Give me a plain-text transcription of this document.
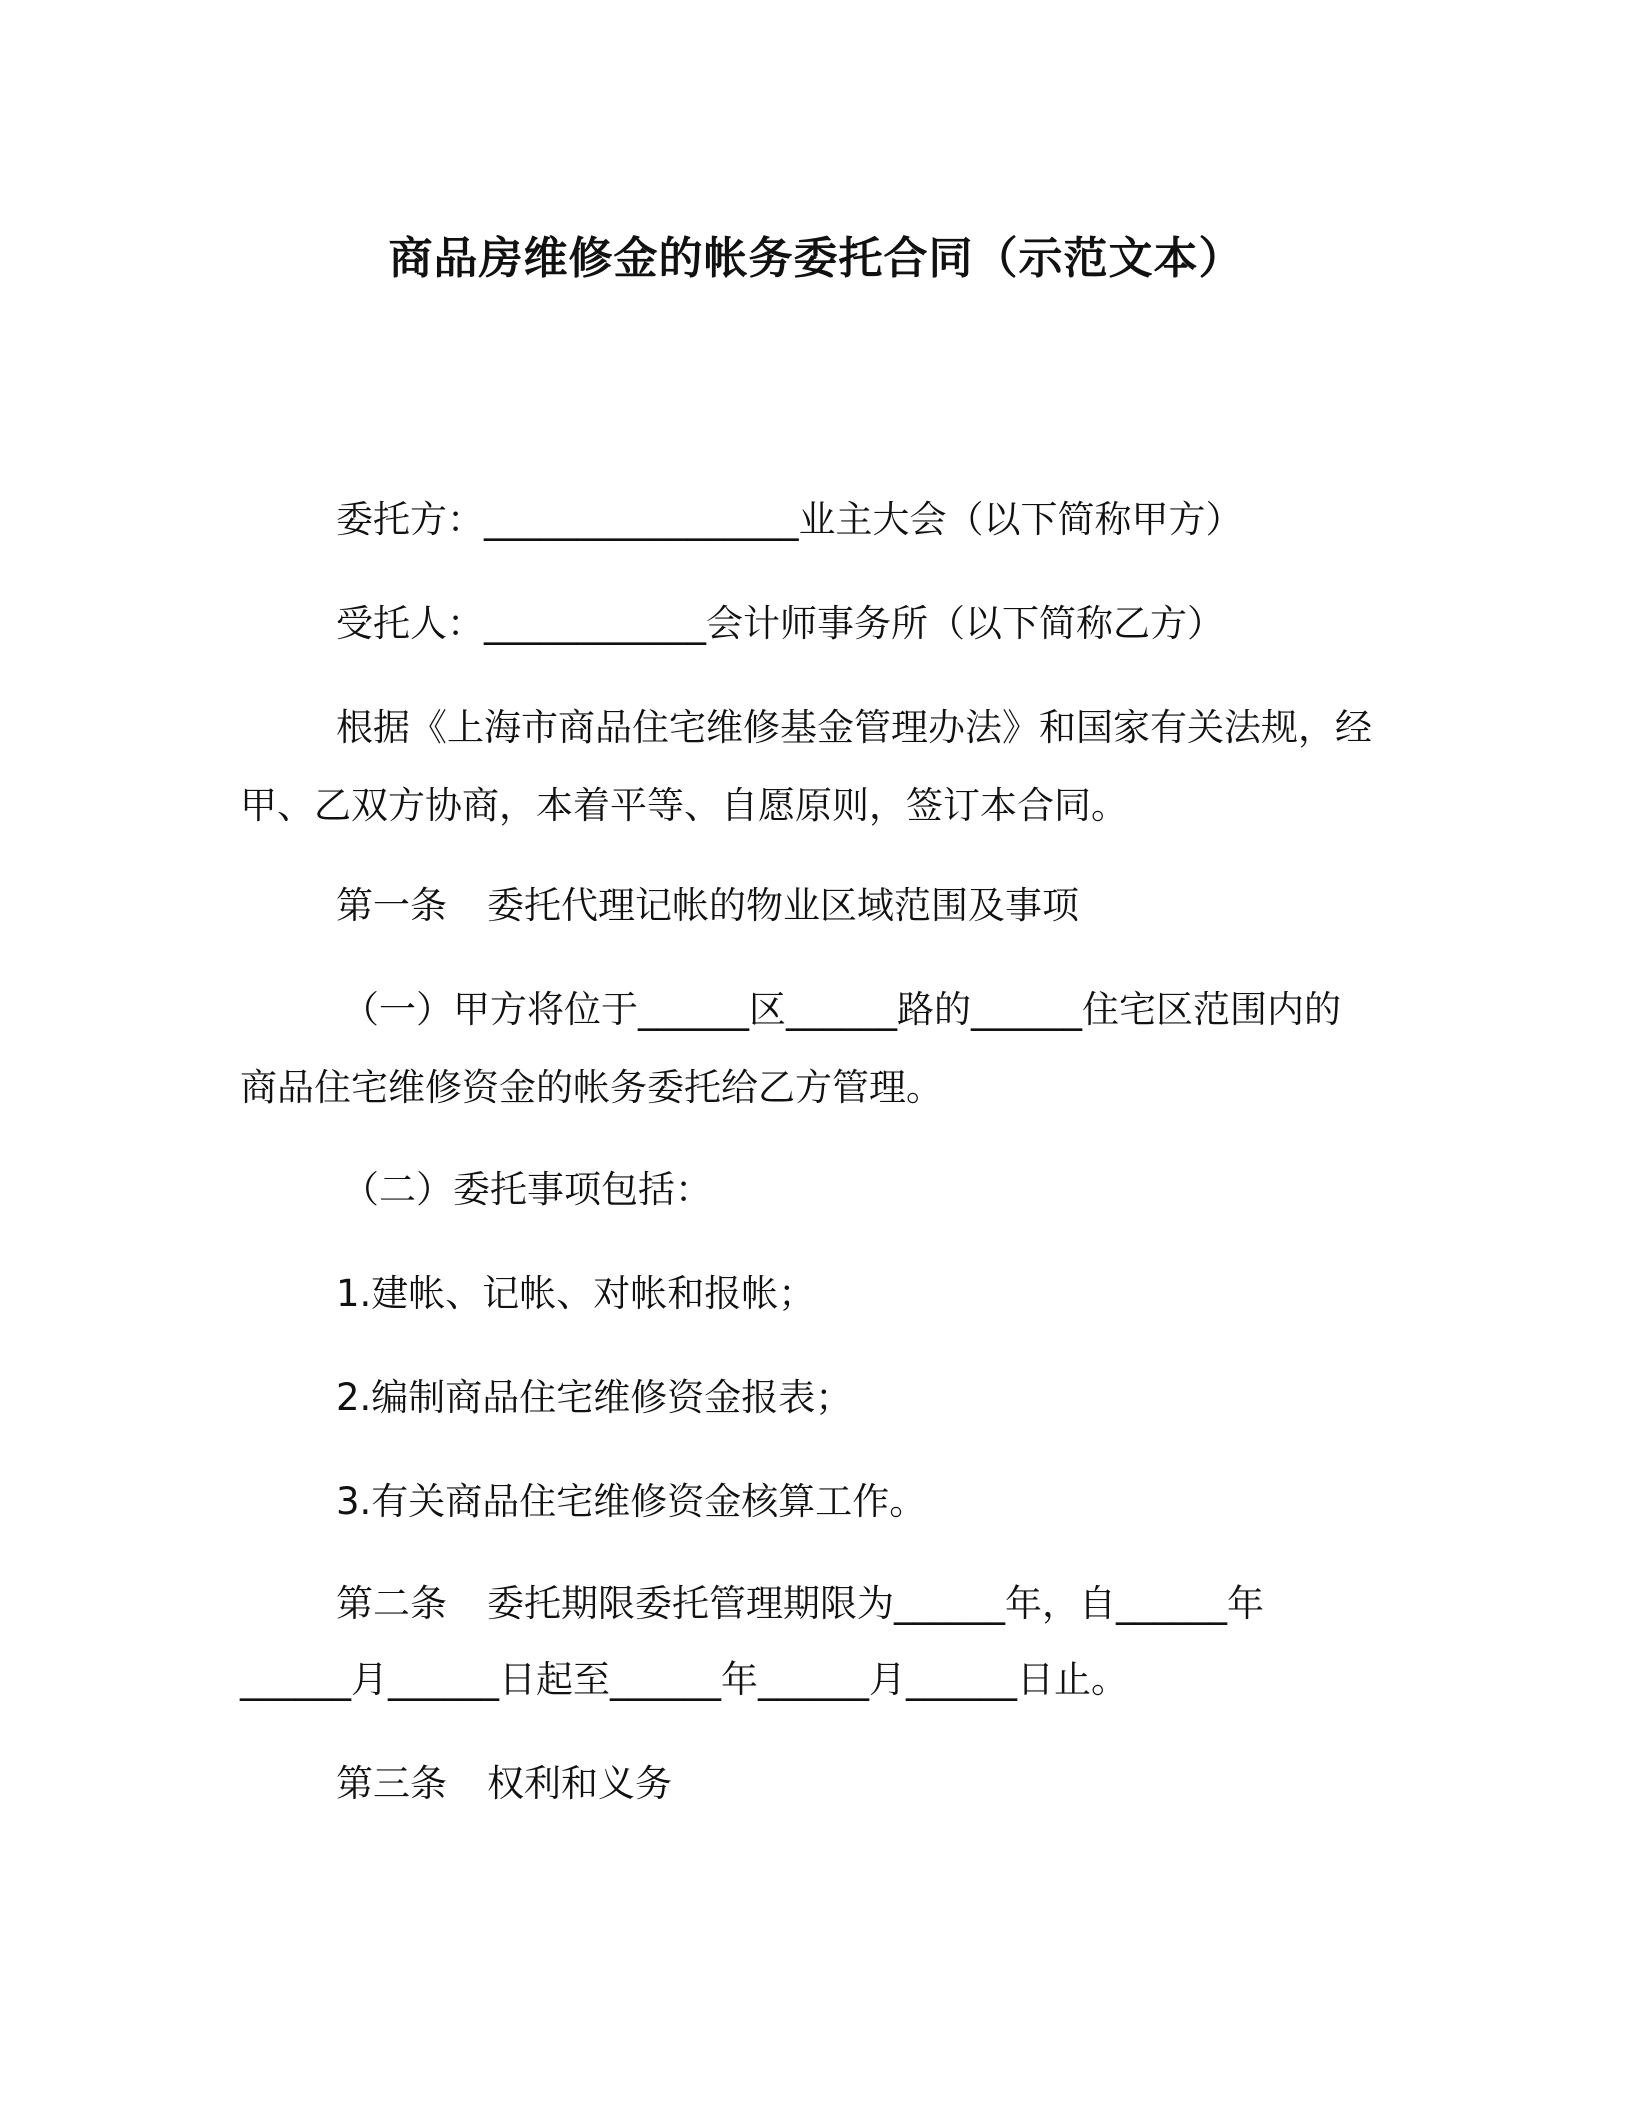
商品房维修金的帐务委托合同（示范文本）

委托方：_________________业主大会（以下简称甲方）

受托人：____________会计师事务所（以下简称乙方）

根据《上海市商品住宅维修基金管理办法》和国家有关法规，经

甲、乙双方协商，本着平等、自愿原则，签订本合同。

第一条 委托代理记帐的物业区域范围及事项

（一）甲方将位于______区______路的______住宅区范围内的

商品住宅维修资金的帐务委托给乙方管理。

（二）委托事项包括：

1.建帐、记帐、对帐和报帐；

2.编制商品住宅维修资金报表；

3.有关商品住宅维修资金核算工作。

第二条 委托期限委托管理期限为______年，自______年

______月______日起至______年______月______日止。

第三条 权利和义务
